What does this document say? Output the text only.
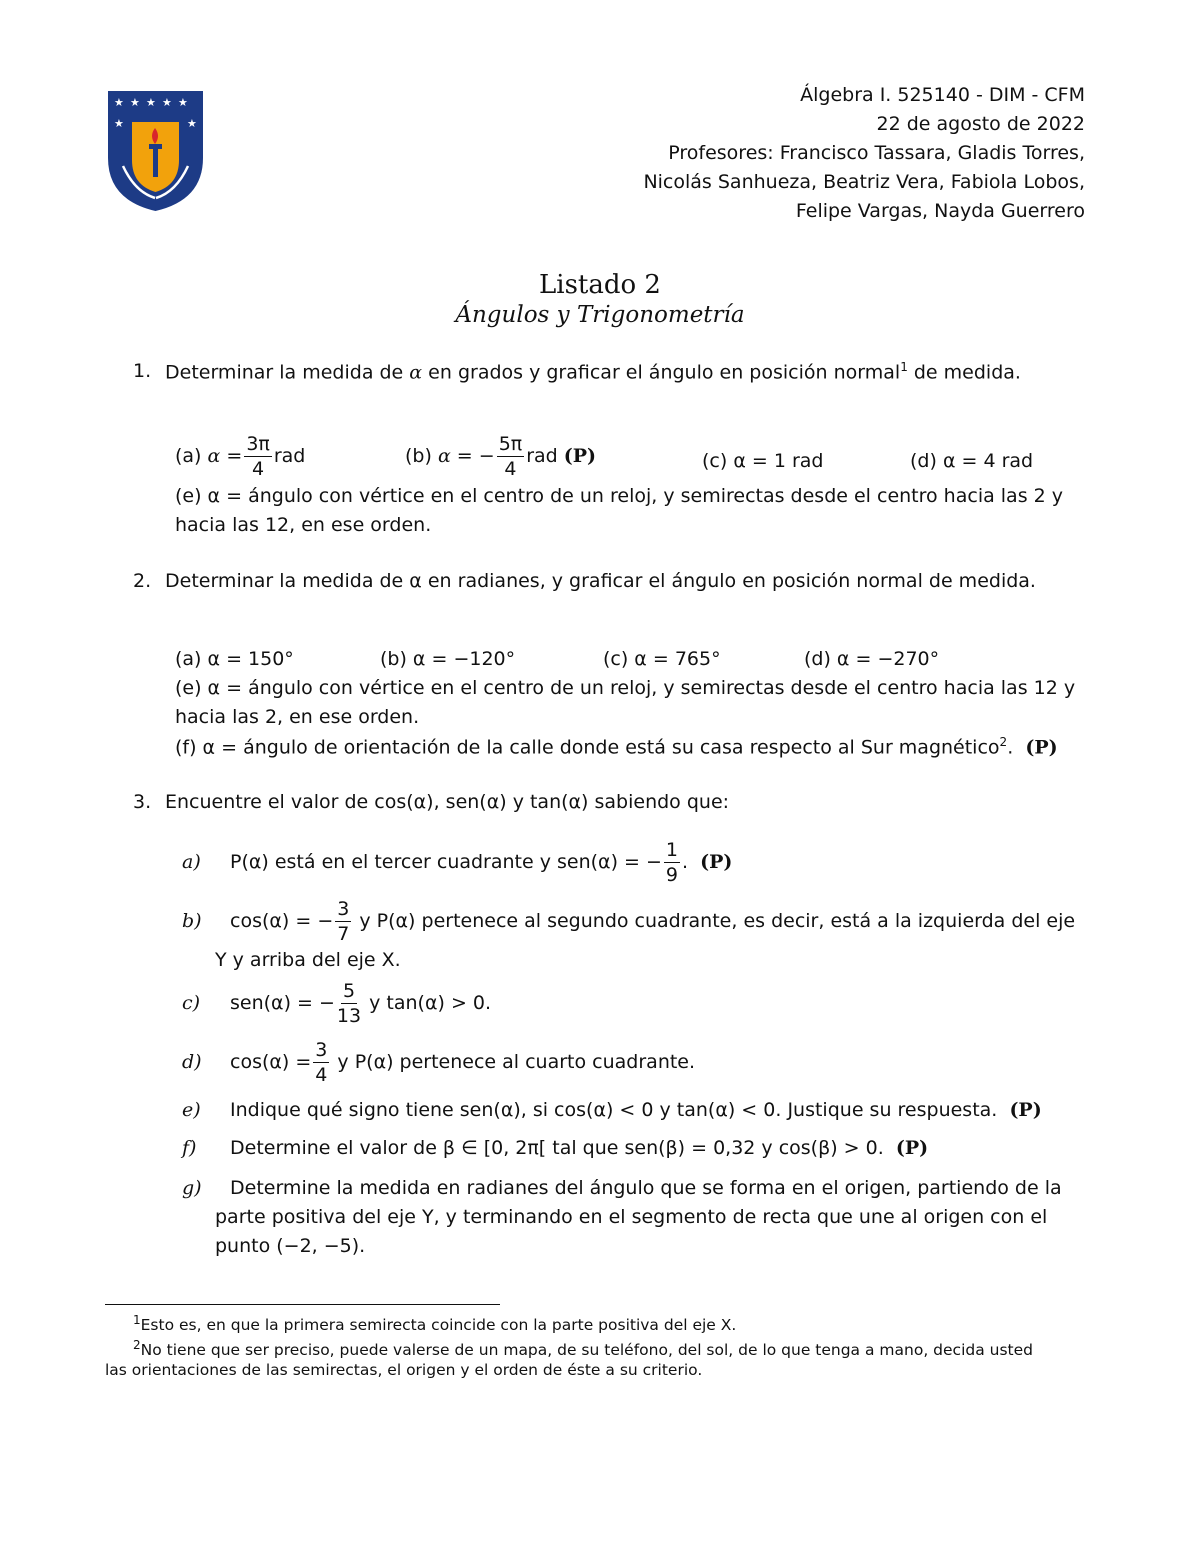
★ ★ ★ ★ ★
★	★
Álgebra I. 525140 - DIM - CFM
22 de agosto de 2022
Profesores: Francisco Tassara, Gladis Torres,
Nicolás Sanhueza, Beatriz Vera, Fabiola Lobos,
Felipe Vargas, Nayda Guerrero
Listado 2
Ángulos y Trigonometría
1. Determinar la medida de α en grados y graficar el ángulo en posición normal$^1$ de medida.
(a) $\alpha = \frac{3\pi}{4}$ rad	(b) α = − $\frac{5\pi}{4}$ rad (P)	(c) α = 1 rad	(d) α = 4 rad
(e) α = ángulo con vértice en el centro de un reloj, y semirectas desde el centro hacia las 2 y
hacia las 12, en ese orden.
2. Determinar la medida de α en radianes, y graficar el ángulo en posición normal de medida.
(a) α = 150°	(b) α = −120°	(c) α = 765°	(d) α = −270°
(e) α = ángulo con vértice en el centro de un reloj, y semirectas desde el centro hacia las 12 y
hacia las 2, en ese orden.
(f) α = ángulo de orientación de la calle donde está su casa respecto al Sur magnético$^2$. (P)
3. Encuentre el valor de cos(α), sen(α) y tan(α) sabiendo que:
a) P(α) está en el tercer cuadrante y sen(α) = − $\frac{1}{9}$ . (P)
b) cos(α) = − $\frac{3}{7}$ y P(α) pertenece al segundo cuadrante, es decir, está a la izquierda del eje
Y y arriba del eje X.
c) sen(α) = − $\frac{5}{13}$ y tan(α) > 0.
d) $\cos(\alpha) = \frac{3}{4}$ y P(α) pertenece al cuarto cuadrante.
e) Indique qué signo tiene sen(α), si cos(α) < 0 y tan(α) < 0. Justique su respuesta. (P)
f) Determine el valor de β ∈ [0, 2π[ tal que sen(β) = 0,32 y cos(β) > 0. (P)
g) Determine la medida en radianes del ángulo que se forma en el origen, partiendo de la
parte positiva del eje Y, y terminando en el segmento de recta que une al origen con el
punto (−2, −5).
$^1$Esto es, en que la primera semirecta coincide con la parte positiva del eje X.
$^2$No tiene que ser preciso, puede valerse de un mapa, de su teléfono, del sol, de lo que tenga a mano, decida usted
las orientaciones de las semirectas, el origen y el orden de éste a su criterio.
